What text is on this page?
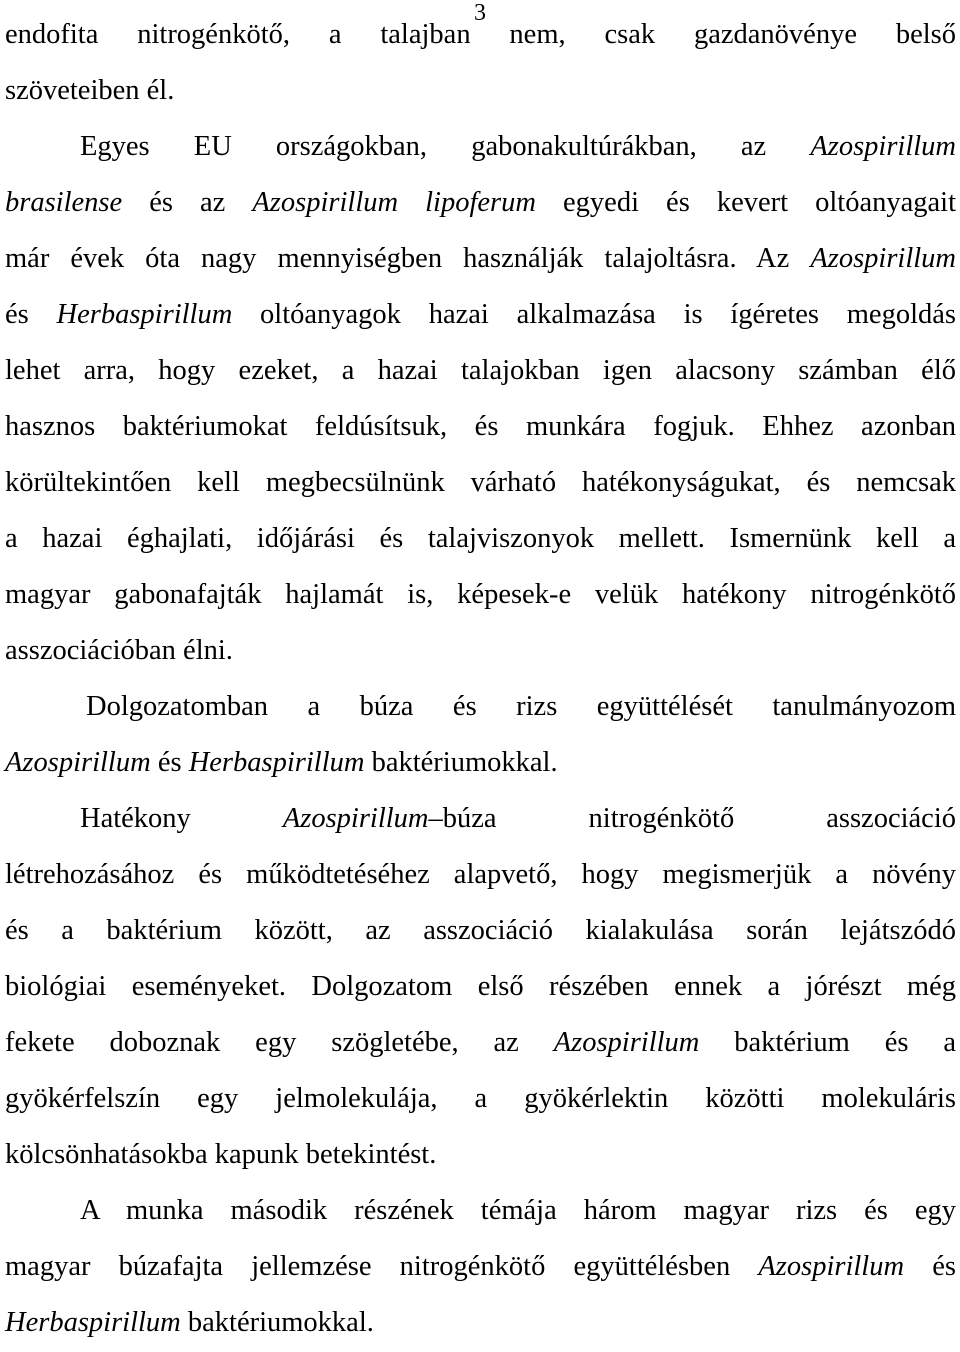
3
endofita nitrogénkötő, a talajban nem, csak gazdanövénye belső
szöveteiben él.
Egyes EU országokban, gabonakultúrákban, az Azospirillum
brasilense és az Azospirillum lipoferum egyedi és kevert oltóanyagait
már évek óta nagy mennyiségben használják talajoltásra. Az Azospirillum
és Herbaspirillum oltóanyagok hazai alkalmazása is ígéretes megoldás
lehet arra, hogy ezeket, a hazai talajokban igen alacsony számban élő
hasznos baktériumokat feldúsítsuk, és munkára fogjuk. Ehhez azonban
körültekintően kell megbecsülnünk várható hatékonyságukat, és nemcsak
a hazai éghajlati, időjárási és talajviszonyok mellett. Ismernünk kell a
magyar gabonafajták hajlamát is, képesek-e velük hatékony nitrogénkötő
asszociációban élni.
Dolgozatomban a búza és rizs együttélését tanulmányozom
Azospirillum és Herbaspirillum baktériumokkal.
Hatékony Azospirillum–búza nitrogénkötő asszociáció
létrehozásához és működtetéséhez alapvető, hogy megismerjük a növény
és a baktérium között, az asszociáció kialakulása során lejátszódó
biológiai eseményeket. Dolgozatom első részében ennek a jórészt még
fekete doboznak egy szögletébe, az Azospirillum baktérium és a
gyökérfelszín egy jelmolekulája, a gyökérlektin közötti molekuláris
kölcsönhatásokba kapunk betekintést.
A munka második részének témája három magyar rizs és egy
magyar búzafajta jellemzése nitrogénkötő együttélésben Azospirillum és
Herbaspirillum baktériumokkal.
